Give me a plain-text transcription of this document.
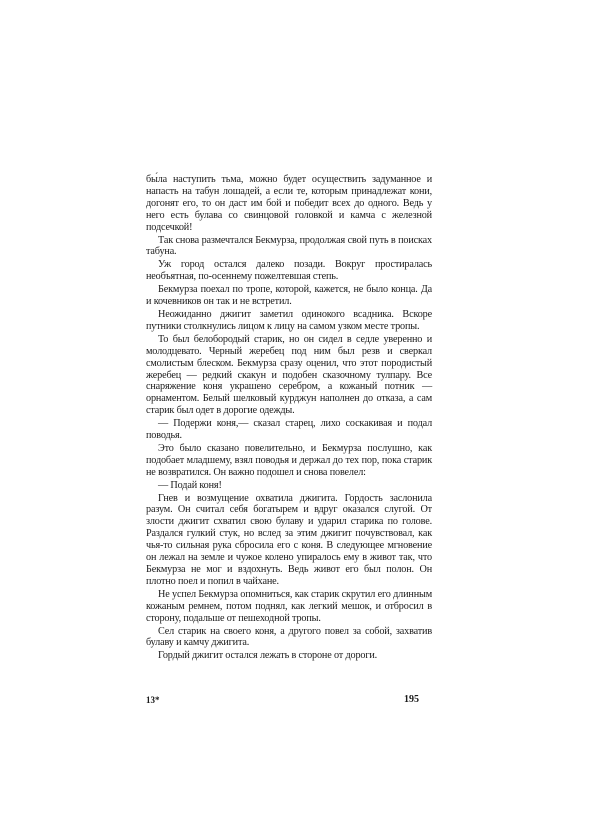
бы́ла наступить тьма, можно будет осуществить задуманное и напасть на табун лошадей, а если те, которым принадлежат кони, догонят его, то он даст им бой и победит всех до одного. Ведь у него есть булава со свинцовой головкой и камча с железной подсечкой!

Так снова размечтался Бекмурза, продолжая свой путь в поисках табуна.

Уж город остался далеко позади. Вокруг простиралась необъятная, по-осеннему пожелтевшая степь.

Бекмурза поехал по тропе, которой, кажется, не было конца. Да и кочевников он так и не встретил.

Неожиданно джигит заметил одинокого всадника. Вскоре путники столкнулись лицом к лицу на самом узком месте тропы.

То был белобородый старик, но он сидел в седле уверенно и молодцевато. Черный жеребец под ним был резв и сверкал смолистым блеском. Бекмурза сразу оценил, что этот породистый жеребец — редкий скакун и подобен сказочному тулпару. Все снаряжение коня украшено серебром, а кожаный потник — орнаментом. Белый шелковый курджун наполнен до отказа, а сам старик был одет в дорогие одежды.

— Подержи коня,— сказал старец, лихо соскакивая и подал поводья.

Это было сказано повелительно, и Бекмурза послушно, как подобает младшему, взял поводья и держал до тех пор, пока старик не возвратился. Он важно подошел и снова повелел:

— Подай коня!

Гнев и возмущение охватила джигита. Гордость заслонила разум. Он считал себя богатырем и вдруг оказался слугой. От злости джигит схватил свою булаву и ударил старика по голове. Раздался гулкий стук, но вслед за этим джигит почувствовал, как чья-то сильная рука сбросила его с коня. В следующее мгновение он лежал на земле и чужое колено упиралось ему в живот так, что Бекмурза не мог и вздохнуть. Ведь живот его был полон. Он плотно поел и попил в чайхане.

Не успел Бекмурза опомниться, как старик скрутил его длинным кожаным ремнем, потом поднял, как легкий мешок, и отбросил в сторону, подальше от пешеходной тропы.

Сел старик на своего коня, а другого повел за собой, захватив булаву и камчу джигита.

Гордый джигит остался лежать в стороне от дороги.

13*	195
